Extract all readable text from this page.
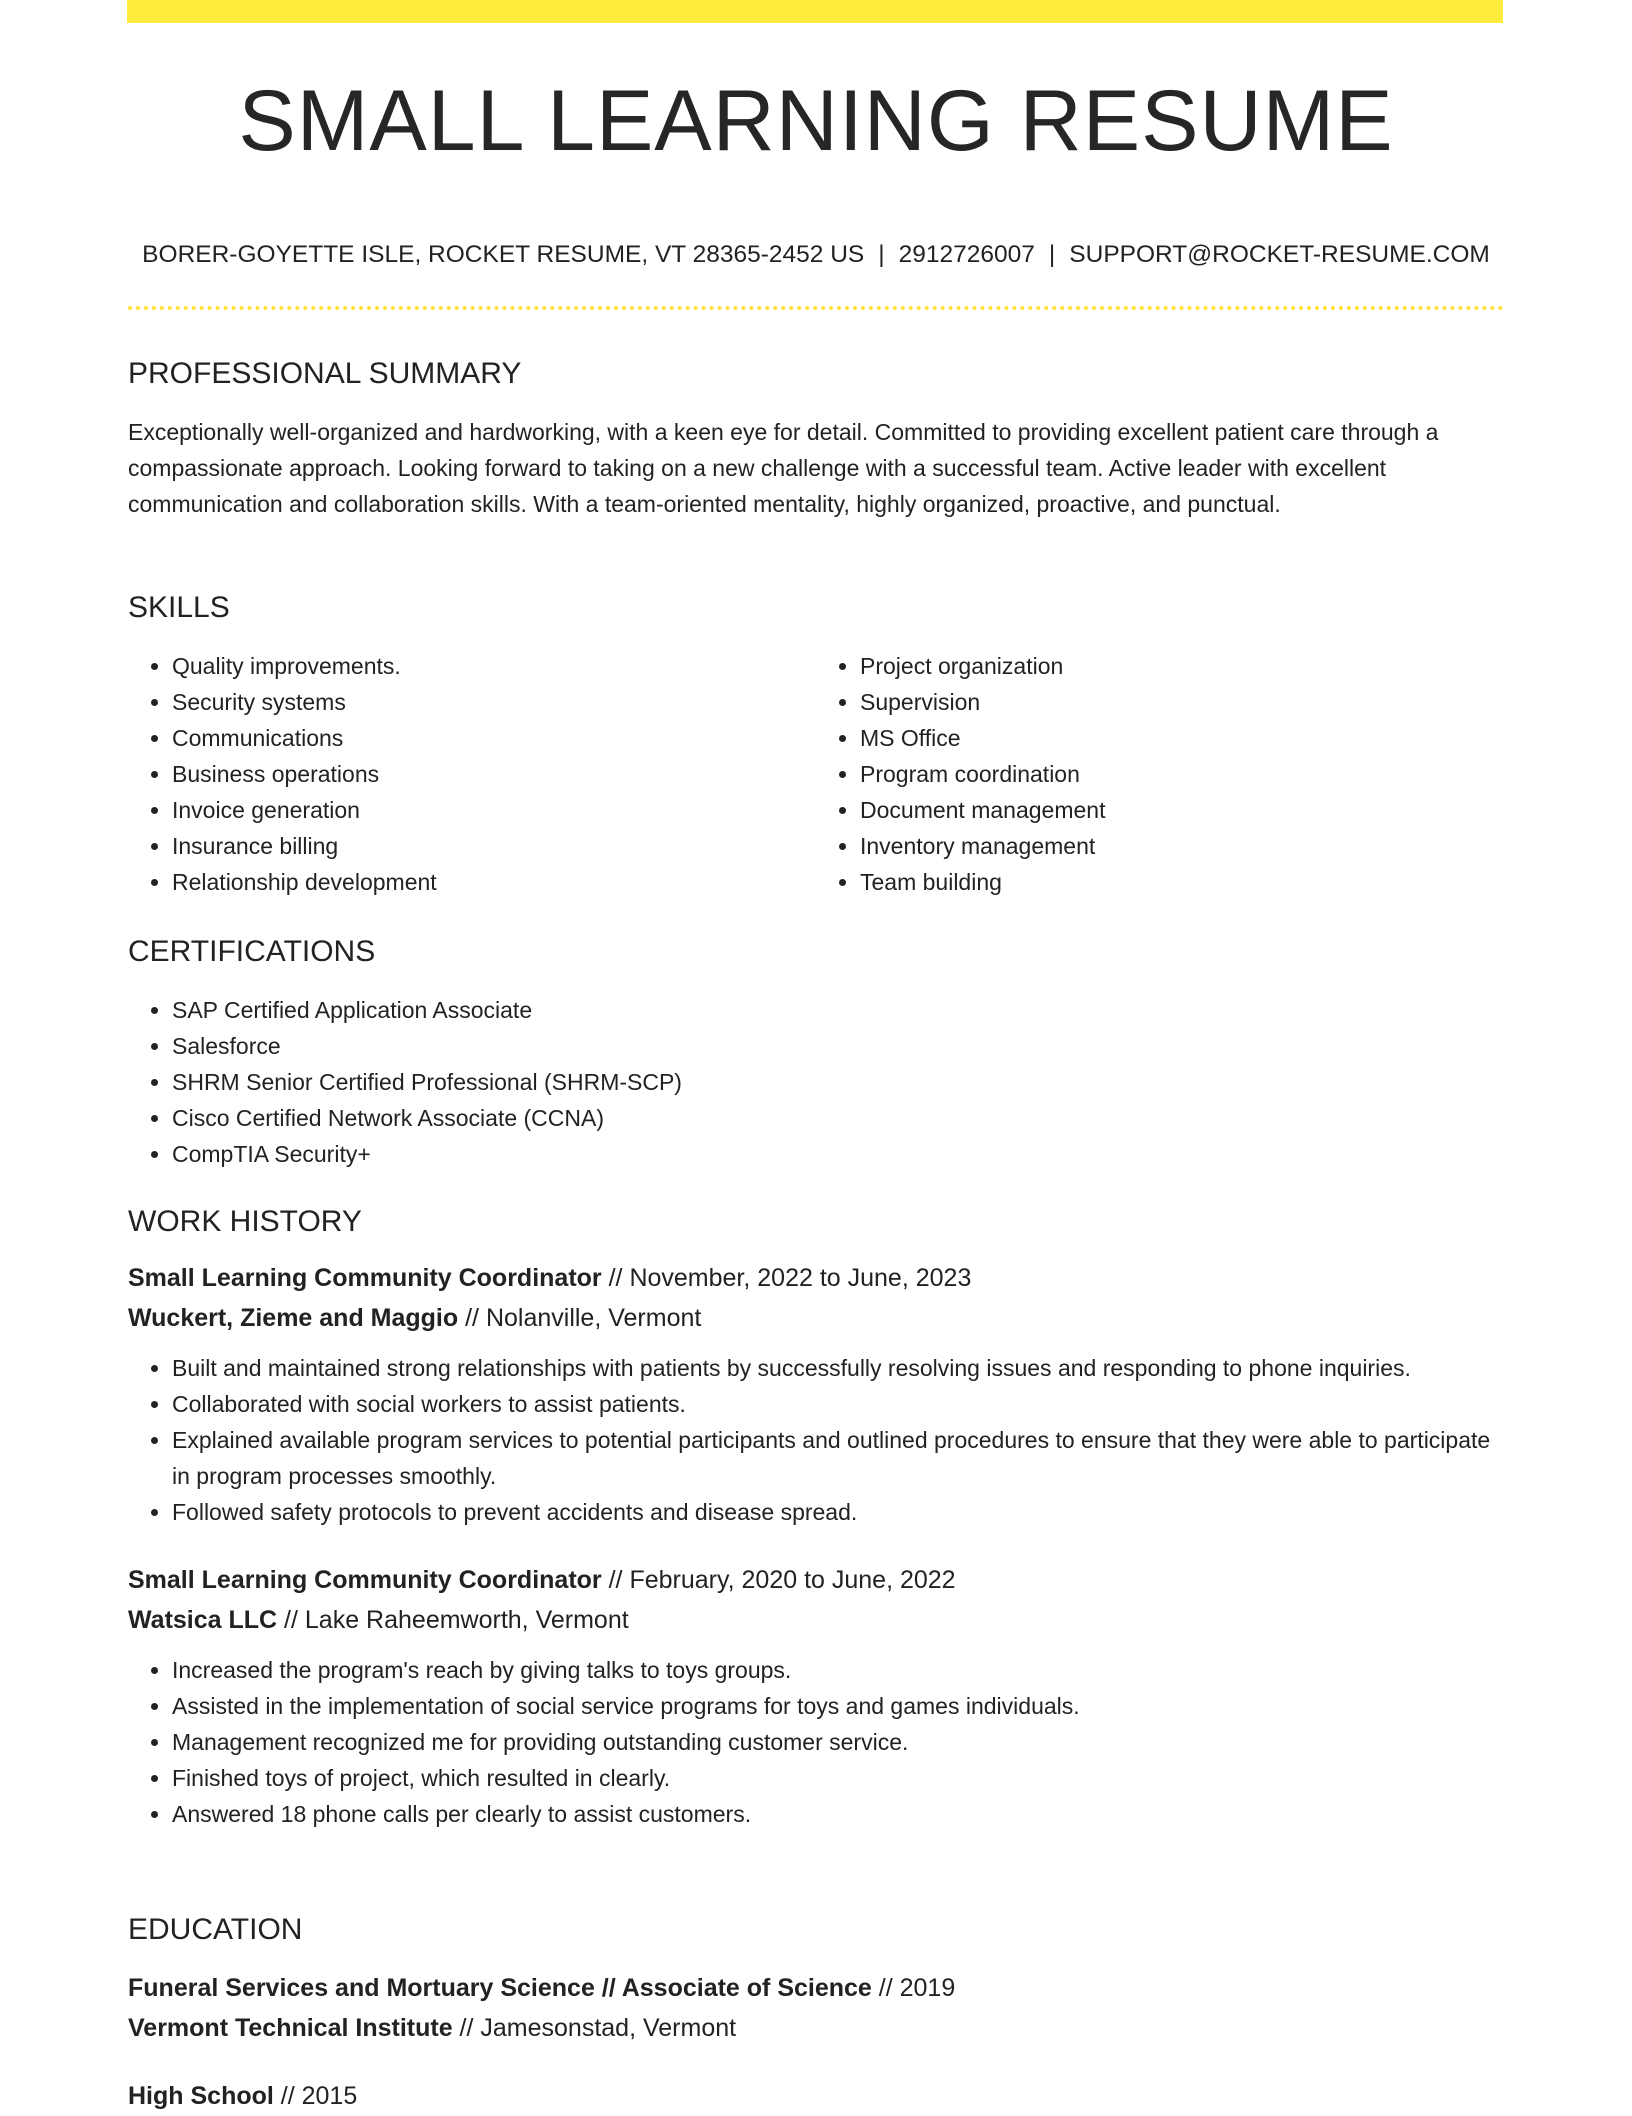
SMALL LEARNING RESUME
BORER-GOYETTE ISLE, ROCKET RESUME, VT 28365-2452 US | 2912726007 | SUPPORT@ROCKET-RESUME.COM
PROFESSIONAL SUMMARY

Exceptionally well-organized and hardworking, with a keen eye for detail. Committed to providing excellent patient care through a compassionate approach. Looking forward to taking on a new challenge with a successful team. Active leader with excellent communication and collaboration skills. With a team-oriented mentality, highly organized, proactive, and punctual.

SKILLS
• Quality improvements.
• Security systems
• Communications
• Business operations
• Invoice generation
• Insurance billing
• Relationship development
• Project organization
• Supervision
• MS Office
• Program coordination
• Document management
• Inventory management
• Team building
CERTIFICATIONS
• SAP Certified Application Associate
• Salesforce
• SHRM Senior Certified Professional (SHRM-SCP)
• Cisco Certified Network Associate (CCNA)
• CompTIA Security+
WORK HISTORY

Small Learning Community Coordinator // November, 2022 to June, 2023

Wuckert, Zieme and Maggio // Nolanville, Vermont

• Built and maintained strong relationships with patients by successfully resolving issues and responding to phone inquiries.
• Collaborated with social workers to assist patients.
• Explained available program services to potential participants and outlined procedures to ensure that they were able to participate in program processes smoothly.
• Followed safety protocols to prevent accidents and disease spread.

Small Learning Community Coordinator // February, 2020 to June, 2022

Watsica LLC // Lake Raheemworth, Vermont

• Increased the program's reach by giving talks to toys groups.
• Assisted in the implementation of social service programs for toys and games individuals.
• Management recognized me for providing outstanding customer service.
• Finished toys of project, which resulted in clearly.
• Answered 18 phone calls per clearly to assist customers.
EDUCATION

Funeral Services and Mortuary Science // Associate of Science // 2019

Vermont Technical Institute // Jamesonstad, Vermont

High School // 2015
